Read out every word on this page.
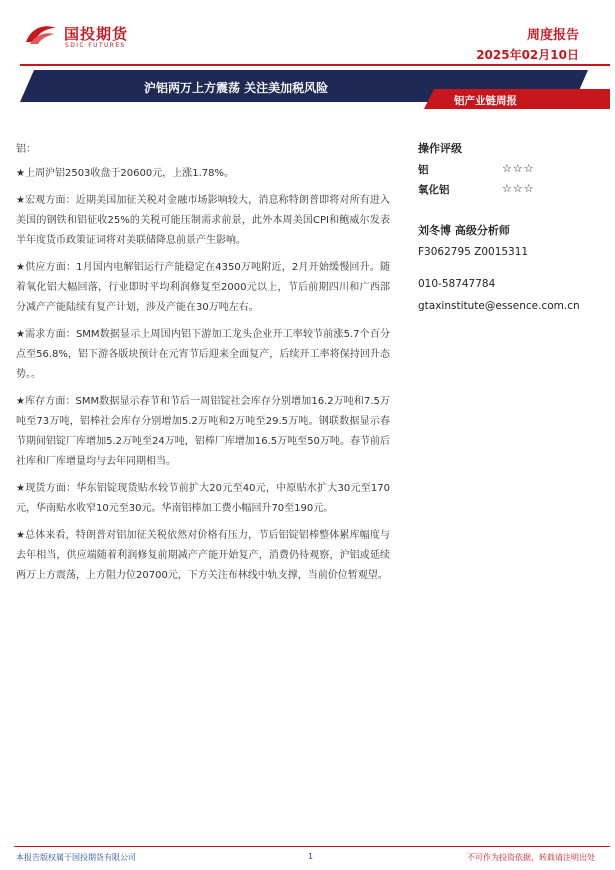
国投期货
SDIC FUTURES
周度报告
2025年02月10日
沪铝两万上方震荡 关注美加税风险
铝产业链周报

铝：

★上周沪铝2503收盘于20600元，上涨1.78%。

★宏观方面：近期美国加征关税对金融市场影响较大，消息称特朗普即将对所有进入美国的钢铁和铝征收25%的关税可能压制需求前景，此外本周美国CPI和鲍威尔发表半年度货币政策证词将对美联储降息前景产生影响。

★供应方面：1月国内电解铝运行产能稳定在4350万吨附近，2月开始缓慢回升。随着氧化铝大幅回落，行业即时平均利润修复至2000元以上，节后前期四川和广西部分减产产能陆续有复产计划，涉及产能在30万吨左右。

★需求方面：SMM数据显示上周国内铝下游加工龙头企业开工率较节前涨5.7个百分点至56.8%，铝下游各版块预计在元宵节后迎来全面复产，后续开工率将保持回升态势。。

★库存方面：SMM数据显示春节和节后一周铝锭社会库存分别增加16.2万吨和7.5万吨至73万吨，铝棒社会库存分别增加5.2万吨和2万吨至29.5万吨。钢联数据显示春节期间铝锭厂库增加5.2万吨至24万吨，铝棒厂库增加16.5万吨至50万吨。春节前后社库和厂库增量均与去年同期相当。

★现货方面：华东铝锭现货贴水较节前扩大20元至40元，中原贴水扩大30元至170元，华南贴水收窄10元至30元。华南铝棒加工费小幅回升70至190元。

★总体来看，特朗普对铝加征关税依然对价格有压力，节后铝锭铝棒整体累库幅度与去年相当，供应端随着利润修复前期减产产能开始复产，消费仍待观察，沪铝或延续两万上方震荡，上方阻力位20700元，下方关注布林线中轨支撑，当前价位暂观望。

操作评级
铝	☆☆☆
氧化铝	☆☆☆
刘冬博 高级分析师
F3062795 Z0015311
010-58747784
gtaxinstitute@essence.com.cn
本报告版权属于国投期货有限公司	1	不可作为投资依据，转载请注明出处
